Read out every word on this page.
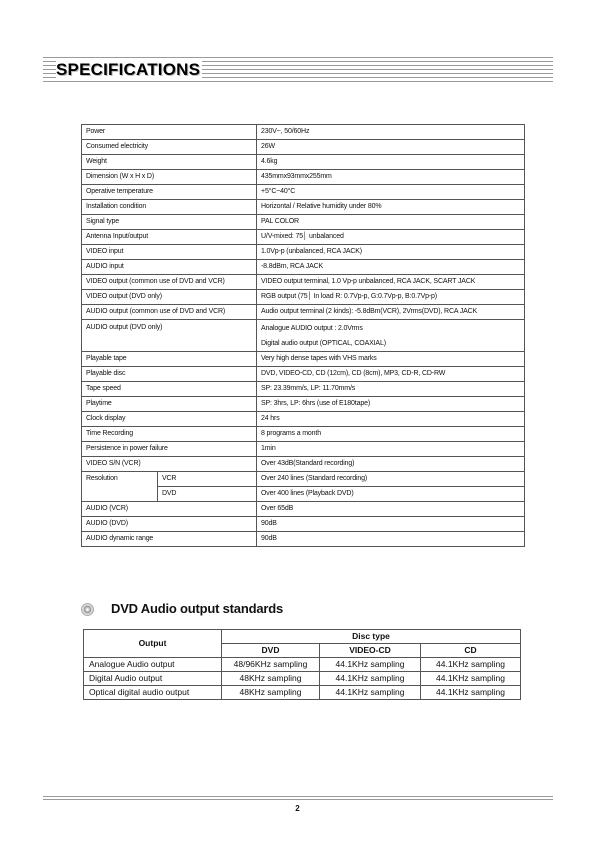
SPECIFICATIONS
Power		230V~, 50/60Hz
Consumed electricity		26W
Weight		4.6kg
Dimension (W x H x D)		435mmx93mmx255mm
Operative temperature		+5°C~40°C
Installation condition		Horizontal / Relative humidity under 80%
Signal type		PAL COLOR
Antenna Input/output		U/V-mixed: 75│ unbalanced
VIDEO input		1.0Vp-p (unbalanced, RCA JACK)
AUDIO input		-8.8dBm, RCA JACK
VIDEO output (common use of DVD and VCR)		VIDEO output terminal, 1.0 Vp-p unbalanced, RCA JACK, SCART JACK
VIDEO output (DVD only)		RGB output (75│ In load R: 0.7Vp-p, G:0.7Vp-p, B:0.7Vp-p)
AUDIO output (common use of DVD and VCR)		Audio output terminal (2 kinds): -5.8dBm(VCR), 2Vrms(DVD), RCA JACK
AUDIO output (DVD only)		Analogue AUDIO output : 2.0Vrms
Digital audio output (OPTICAL, COAXIAL)

Playable tape		Very high dense tapes with VHS marks
Playable disc		DVD, VIDEO-CD, CD (12cm), CD (8cm), MP3, CD-R, CD-RW
Tape speed		SP: 23.39mm/s, LP: 11.70mm/s
Playtime		SP: 3hrs, LP: 6hrs (use of E180tape)
Clock display		24 hrs
Time Recording		8 programs a month
Persistence in power failure		1min
VIDEO S/N (VCR)		Over 43dB(Standard recording)
Resolution	VCR	Over 240 lines (Standard recording)
	DVD	Over 400 lines (Playback DVD)
AUDIO (VCR)		Over 65dB
AUDIO (DVD)		90dB
AUDIO dynamic range		90dB
DVD Audio output standards
Output	Disc type		
	DVD	VIDEO-CD	CD
Analogue Audio output	48/96KHz sampling	44.1KHz sampling	44.1KHz sampling
Digital Audio output	48KHz sampling	44.1KHz sampling	44.1KHz sampling
Optical digital audio output	48KHz sampling	44.1KHz sampling	44.1KHz sampling
2
